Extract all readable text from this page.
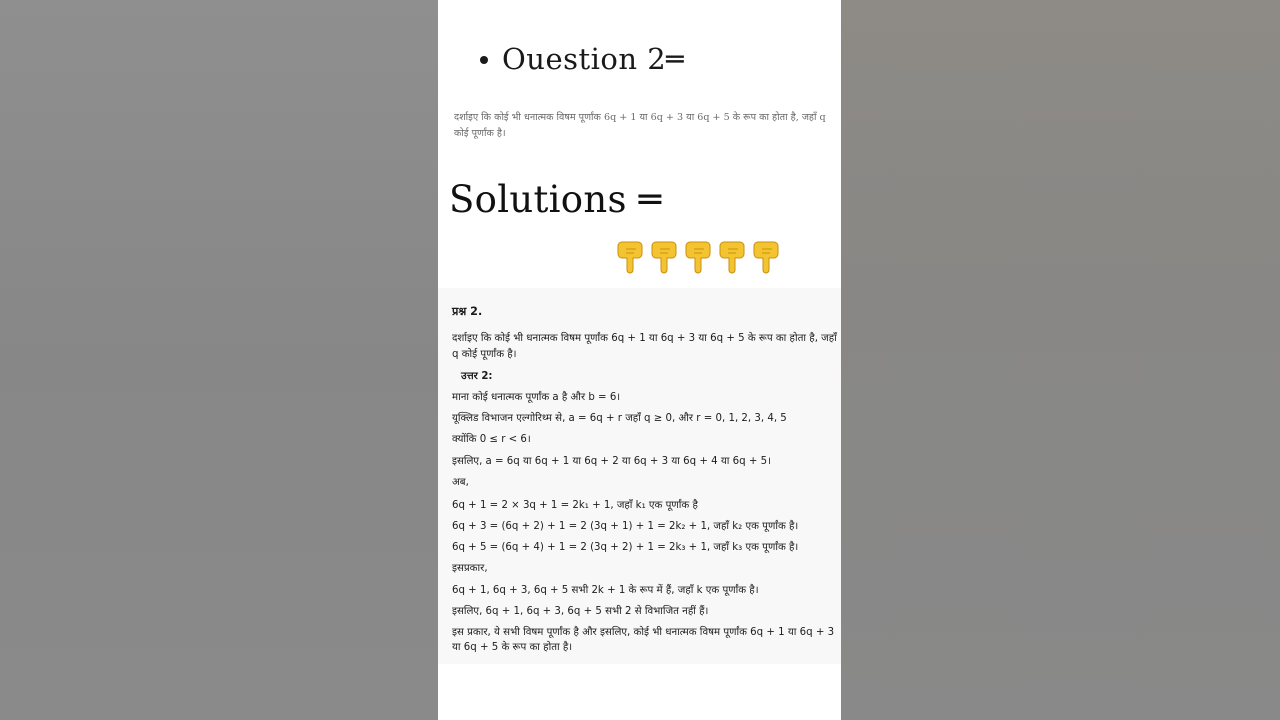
Ouestion 2═
दर्शाइए कि कोई भी धनात्मक विषम पूर्णांक 6q + 1 या 6q + 3 या 6q + 5 के रूप का होता है, जहाँ q कोई पूर्णांक है।
Solutions ═
प्रश्न 2.
दर्शाइए कि कोई भी धनात्मक विषम पूर्णांक 6q + 1 या 6q + 3 या 6q + 5 के रूप का होता है, जहाँ q कोई पूर्णांक है।
उत्तर 2:
माना कोई धनात्मक पूर्णांक a है और b = 6।
यूक्लिड विभाजन एल्गोरिथ्म से, a = 6q + r जहाँ q ≥ 0, और r = 0, 1, 2, 3, 4, 5
क्योंकि 0 ≤ r < 6।
इसलिए, a = 6q या 6q + 1 या 6q + 2 या 6q + 3 या 6q + 4 या 6q + 5।
अब,
6q + 1 = 2 × 3q + 1 = 2k₁ + 1, जहाँ k₁ एक पूर्णांक है
6q + 3 = (6q + 2) + 1 = 2 (3q + 1) + 1 = 2k₂ + 1, जहाँ k₂ एक पूर्णांक है।
6q + 5 = (6q + 4) + 1 = 2 (3q + 2) + 1 = 2k₃ + 1, जहाँ k₃ एक पूर्णांक है।
इसप्रकार,
6q + 1, 6q + 3, 6q + 5 सभी 2k + 1 के रूप में हैं, जहाँ k एक पूर्णांक है।
इसलिए, 6q + 1, 6q + 3, 6q + 5 सभी 2 से विभाजित नहीं हैं।
इस प्रकार, ये सभी विषम पूर्णांक है और इसलिए, कोई भी धनात्मक विषम पूर्णांक 6q + 1 या 6q + 3 या 6q + 5 के रूप का होता है।
